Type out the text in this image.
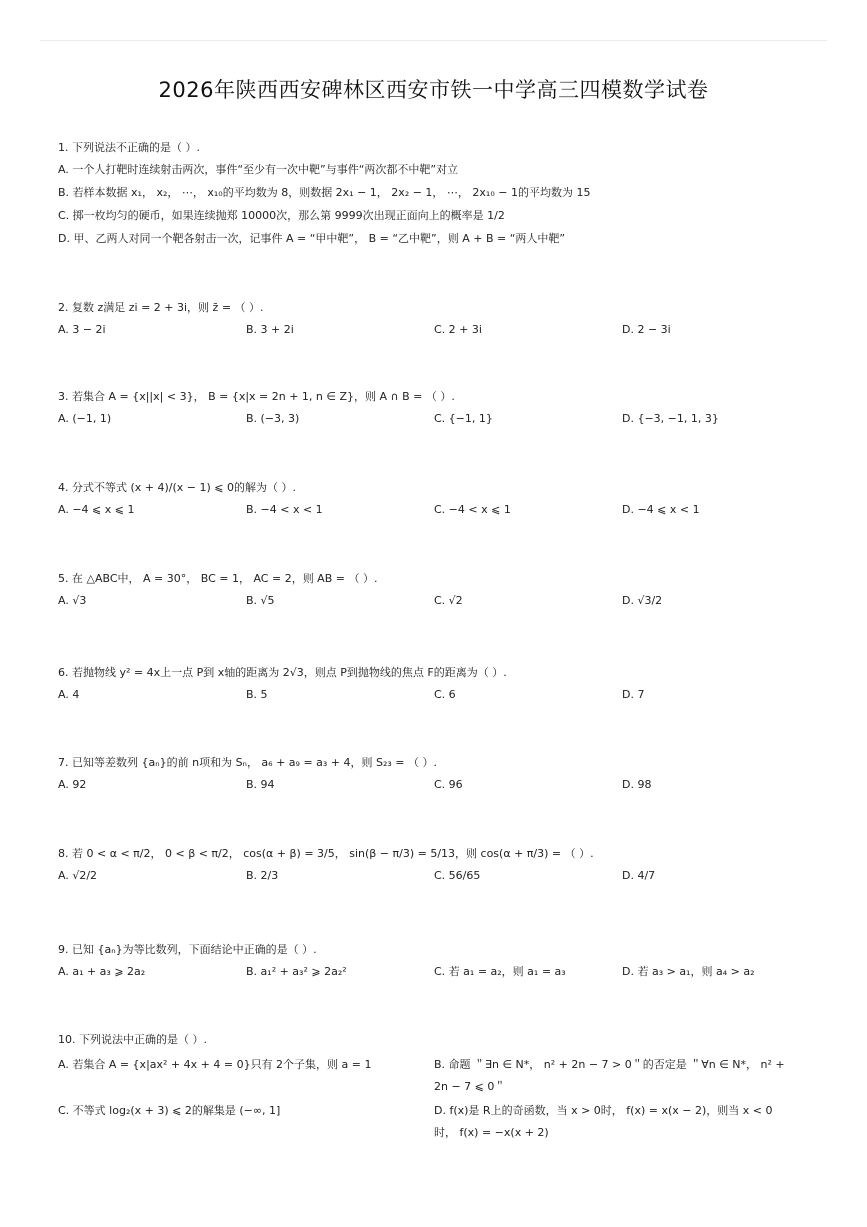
2026年陕西西安碑林区西安市铁一中学高三四模数学试卷
1. 下列说法不正确的是（ ）.
A. 一个人打靶时连续射击两次，事件“至少有一次中靶”与事件“两次都不中靶”对立
B. 若样本数据 x₁， x₂， ⋯， x₁₀的平均数为 8，则数据 2x₁ − 1， 2x₂ − 1， ⋯， 2x₁₀ − 1的平均数为 15
C. 掷一枚均匀的硬币，如果连续抛郑 10000次，那么第 9999次出现正面向上的概率是 1/2
D. 甲、乙两人对同一个靶各射击一次，记事件 A = “甲中靶”， B = “乙中靶”，则 A + B = “两人中靶”
2. 复数 z满足 zi = 2 + 3i，则 z̄ = （ ）.
A. 3 − 2i	B. 3 + 2i	C. 2 + 3i	D. 2 − 3i
3. 若集合 A = {x||x| < 3}， B = {x|x = 2n + 1, n ∈ Z}，则 A ∩ B = （ ）.
A. (−1, 1)	B. (−3, 3)	C. {−1, 1}	D. {−3, −1, 1, 3}
4. 分式不等式 (x + 4)/(x − 1) ⩽ 0的解为（ ）.
A. −4 ⩽ x ⩽ 1	B. −4 < x < 1	C. −4 < x ⩽ 1	D. −4 ⩽ x < 1
5. 在 △ABC中， A = 30°， BC = 1， AC = 2，则 AB = （ ）.
A. √3	B. √5	C. √2	D. √3/2
6. 若抛物线 y² = 4x上一点 P到 x轴的距离为 2√3，则点 P到抛物线的焦点 F的距离为（ ）.
A. 4	B. 5	C. 6	D. 7
7. 已知等差数列 {aₙ}的前 n项和为 Sₙ， a₆ + a₉ = a₃ + 4，则 S₂₃ = （ ）.
A. 92	B. 94	C. 96	D. 98
8. 若 0 < α < π/2， 0 < β < π/2， cos(α + β) = 3/5， sin(β − π/3) = 5/13，则 cos(α + π/3) = （ ）.
A. √2/2	B. 2/3	C. 56/65	D. 4/7
9. 已知 {aₙ}为等比数列，下面结论中正确的是（ ）.
A. a₁ + a₃ ⩾ 2a₂	B. a₁² + a₃² ⩾ 2a₂²	C. 若 a₁ = a₂，则 a₁ = a₃	D. 若 a₃ > a₁，则 a₄ > a₂
10. 下列说法中正确的是（ ）.
A. 若集合 A = {x|ax² + 4x + 4 = 0}只有 2个子集，则 a = 1	B. 命题 ＂∃n ∈ N*， n² + 2n − 7 > 0＂的否定是 ＂∀n ∈ N*， n² + 2n − 7 ⩽ 0＂
C. 不等式 log₂(x + 3) ⩽ 2的解集是 (−∞, 1]	D. f(x)是 R上的奇函数，当 x > 0时， f(x) = x(x − 2)，则当 x < 0时， f(x) = −x(x + 2)
